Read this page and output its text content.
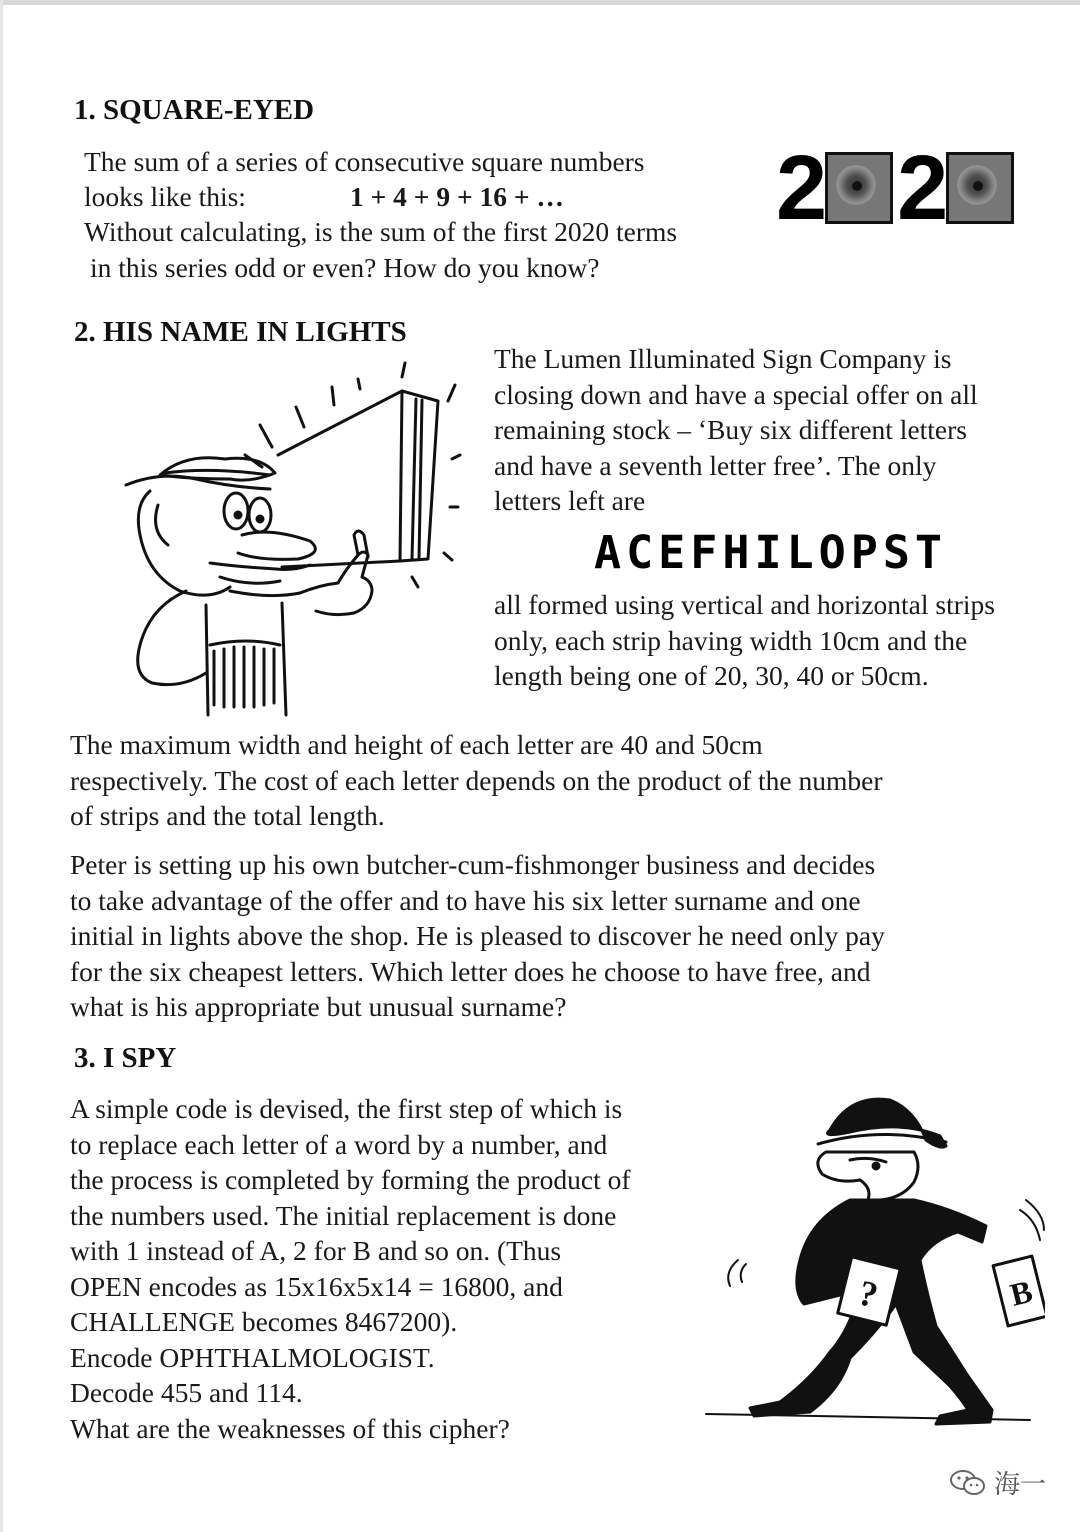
1. SQUARE-EYED
The sum of a series of consecutive square numbers
looks like this:	1 + 4 + 9 + 16 + …
Without calculating, is the sum of the first 2020 terms
in this series odd or even? How do you know?
2 2
2. HIS NAME IN LIGHTS
The Lumen Illuminated Sign Company is
closing down and have a special offer on all
remaining stock – ‘Buy six different letters
and have a seventh letter free’. The only
letters left are
ACEFHILOPST
all formed using vertical and horizontal strips
only, each strip having width 10cm and the
length being one of 20, 30, 40 or 50cm.
The maximum width and height of each letter are 40 and 50cm
respectively. The cost of each letter depends on the product of the number
of strips and the total length.
Peter is setting up his own butcher-cum-fishmonger business and decides
to take advantage of the offer and to have his six letter surname and one
initial in lights above the shop. He is pleased to discover he need only pay
for the six cheapest letters. Which letter does he choose to have free, and
what is his appropriate but unusual surname?
3. I SPY
A simple code is devised, the first step of which is
to replace each letter of a word by a number, and
the process is completed by forming the product of
the numbers used. The initial replacement is done
with 1 instead of A, 2 for B and so on. (Thus
OPEN encodes as 15x16x5x14 = 16800, and
CHALLENGE becomes 8467200).
Encode OPHTHALMOLOGIST.
Decode 455 and 114.
What are the weaknesses of this cipher?
?	B
海一
